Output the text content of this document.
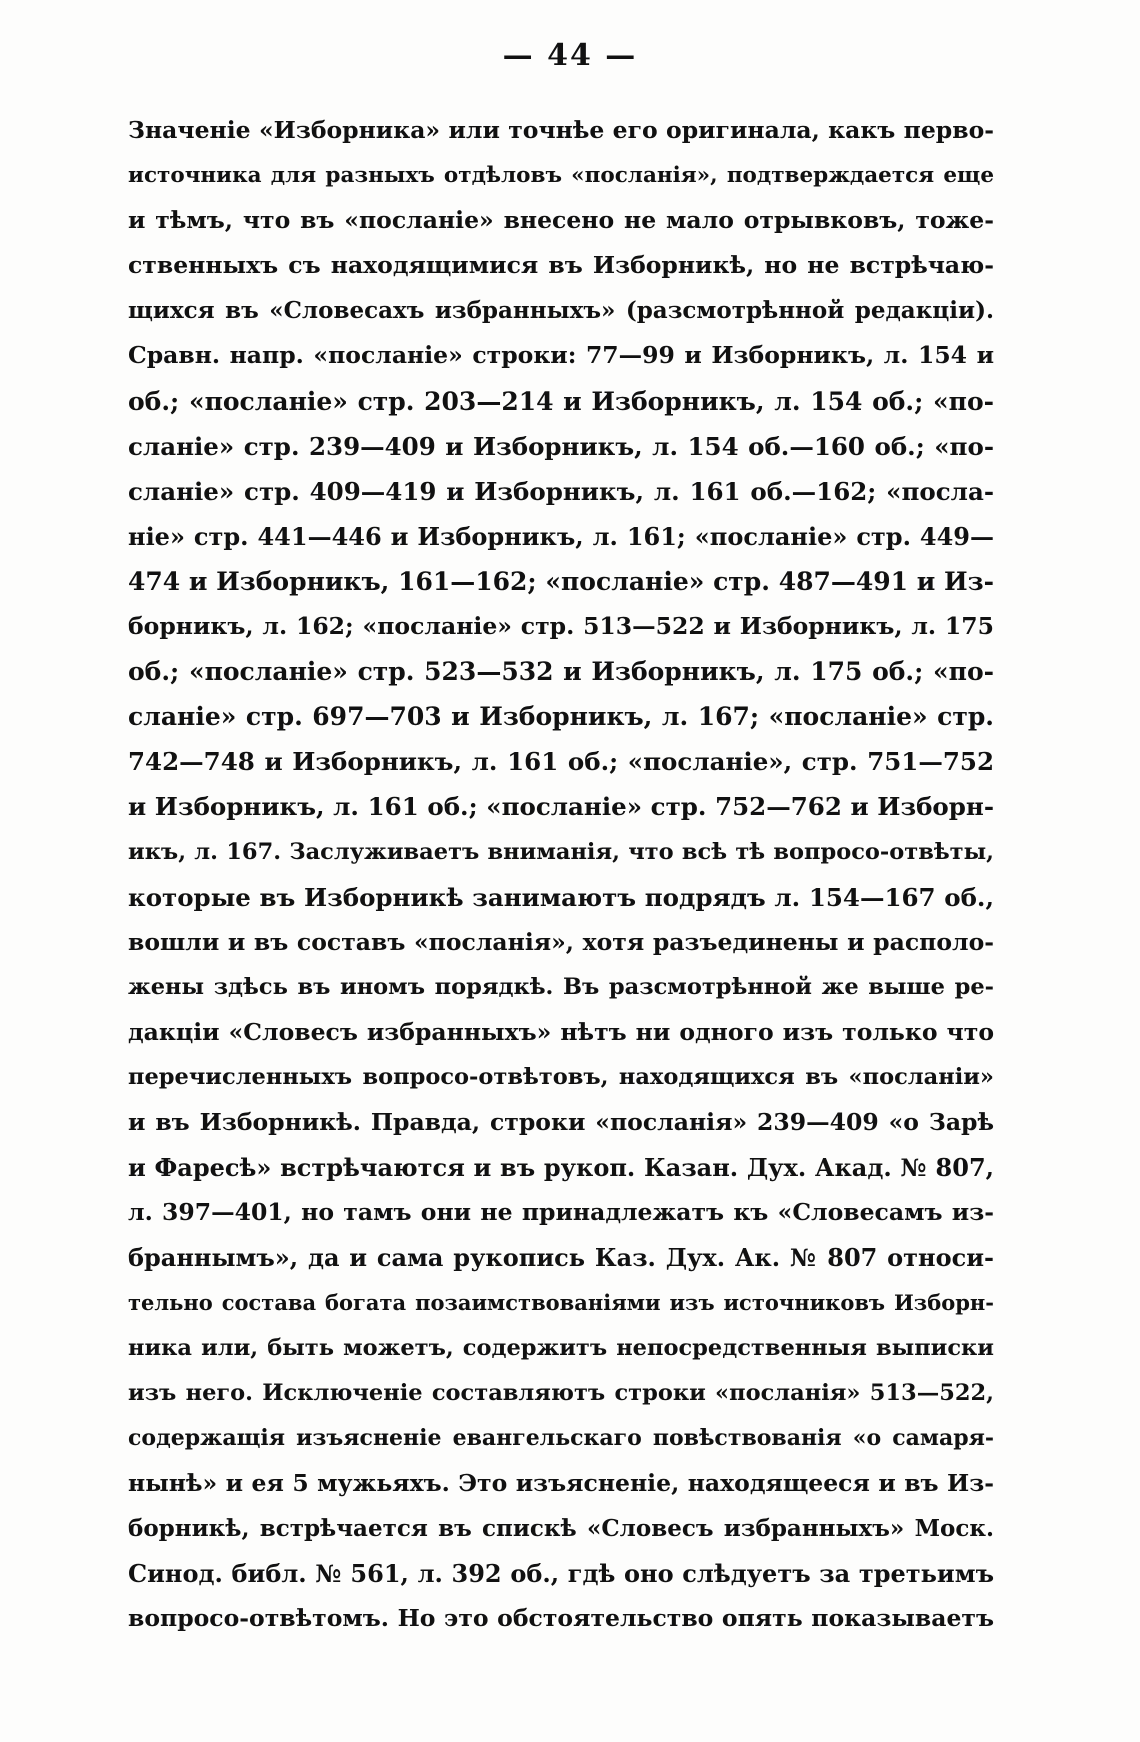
— 44 —
Значеніе «Изборника» или точнѣе его оригинала, какъ перво-
источника для разныхъ отдѣловъ «посланія», подтверждается еще
и тѣмъ, что въ «посланіе» внесено не мало отрывковъ, тоже-
ственныхъ съ находящимися въ Изборникѣ, но не встрѣчаю-
щихся въ «Словесахъ избранныхъ» (разсмотрѣнной редакціи).
Сравн. напр. «посланіе» строки: 77—99 и Изборникъ, л. 154 и
об.; «посланіе» стр. 203—214 и Изборникъ, л. 154 об.; «по-
сланіе» стр. 239—409 и Изборникъ, л. 154 об.—160 об.; «по-
сланіе» стр. 409—419 и Изборникъ, л. 161 об.—162; «посла-
ніе» стр. 441—446 и Изборникъ, л. 161; «посланіе» стр. 449—
474 и Изборникъ, 161—162; «посланіе» стр. 487—491 и Из-
борникъ, л. 162; «посланіе» стр. 513—522 и Изборникъ, л. 175
об.; «посланіе» стр. 523—532 и Изборникъ, л. 175 об.; «по-
сланіе» стр. 697—703 и Изборникъ, л. 167; «посланіе» стр.
742—748 и Изборникъ, л. 161 об.; «посланіе», стр. 751—752
и Изборникъ, л. 161 об.; «посланіе» стр. 752—762 и Изборн-
икъ, л. 167. Заслуживаетъ вниманія, что всѣ тѣ вопросо-отвѣты,
которые въ Изборникѣ занимаютъ подрядъ л. 154—167 об.,
вошли и въ составъ «посланія», хотя разъединены и располо-
жены здѣсь въ иномъ порядкѣ. Въ разсмотрѣнной же выше ре-
дакціи «Словесъ избранныхъ» нѣтъ ни одного изъ только что
перечисленныхъ вопросо-отвѣтовъ, находящихся въ «посланіи»
и въ Изборникѣ. Правда, строки «посланія» 239—409 «о Зарѣ
и Фаресѣ» встрѣчаются и въ рукоп. Казан. Дух. Акад. № 807,
л. 397—401, но тамъ они не принадлежатъ къ «Словесамъ из-
браннымъ», да и сама рукопись Каз. Дух. Ак. № 807 относи-
тельно состава богата позаимствованіями изъ источниковъ Изборн-
ника или, быть можетъ, содержитъ непосредственныя выписки
изъ него. Исключеніе составляютъ строки «посланія» 513—522,
содержащія изъясненіе евангельскаго повѣствованія «о самаря-
нынѣ» и ея 5 мужьяхъ. Это изъясненіе, находящееся и въ Из-
борникѣ, встрѣчается въ спискѣ «Словесъ избранныхъ» Моск.
Синод. библ. № 561, л. 392 об., гдѣ оно слѣдуетъ за третьимъ
вопросо-отвѣтомъ. Но это обстоятельство опять показываетъ
